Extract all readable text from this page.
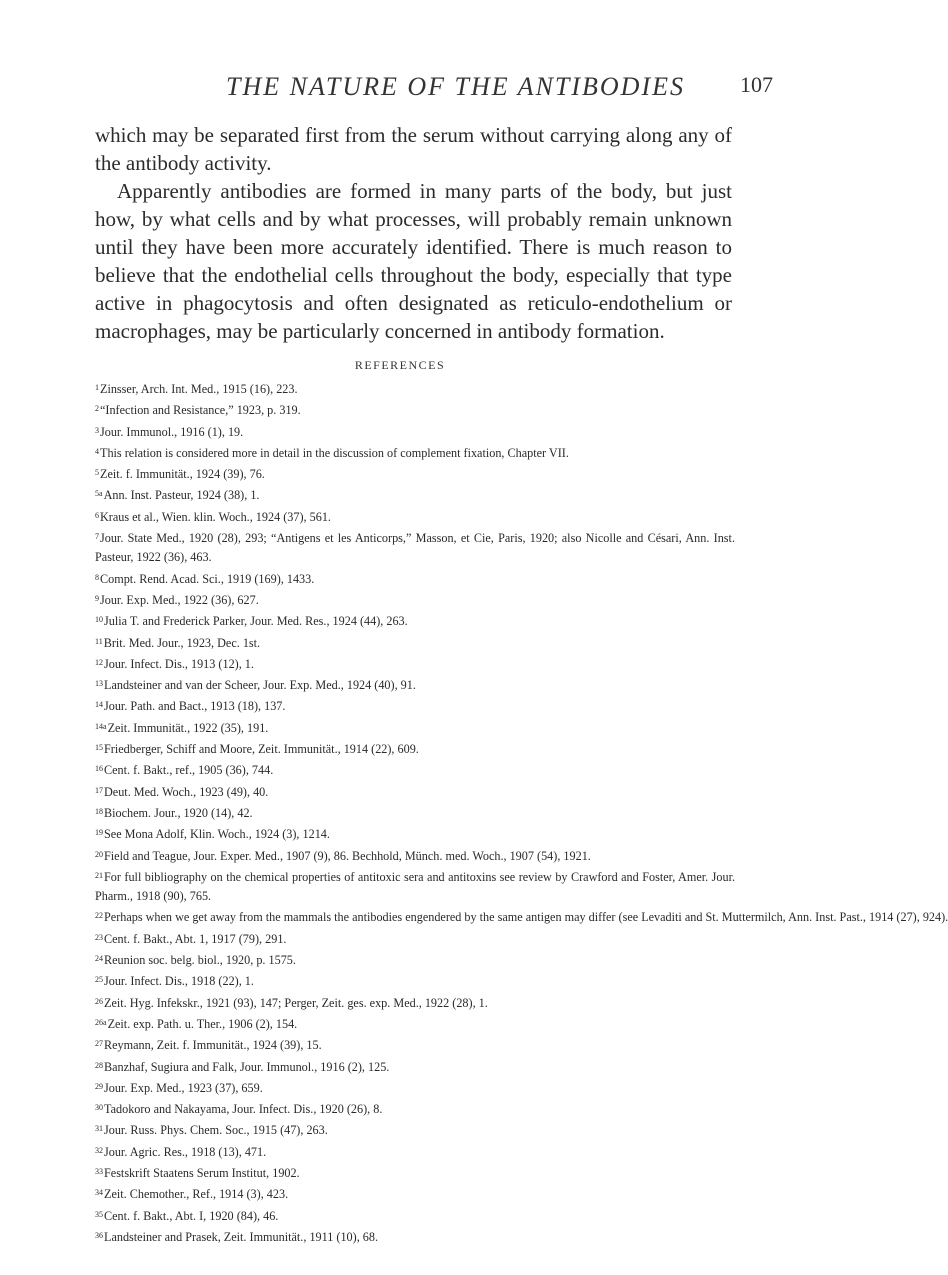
THE NATURE OF THE ANTIBODIES	107

which may be separated first from the serum without carrying along any of the antibody activity.

Apparently antibodies are formed in many parts of the body, but just how, by what cells and by what processes, will probably remain unknown until they have been more accurately identified. There is much reason to believe that the endothelial cells throughout the body, especially that type active in phagocytosis and often designated as reticulo-endothelium or macrophages, may be particularly concerned in antibody formation.

REFERENCES

$^1$Zinsser, Arch. Int. Med., 1915 (16), 223.

$^2$“Infection and Resistance,” 1923, p. 319.

$^3$Jour. Immunol., 1916 (1), 19.

$^4$This relation is considered more in detail in the discussion of complement fixation, Chapter VII.

$^5$Zeit. f. Immunität., 1924 (39), 76.

$^{5a}$Ann. Inst. Pasteur, 1924 (38), 1.

$^6$Kraus et al., Wien. klin. Woch., 1924 (37), 561.

$^7$Jour. State Med., 1920 (28), 293; “Antigens et les Anticorps,” Masson, et Cie, Paris, 1920; also Nicolle and Césari, Ann. Inst. Pasteur, 1922 (36), 463.

$^8$Compt. Rend. Acad. Sci., 1919 (169), 1433.

$^9$Jour. Exp. Med., 1922 (36), 627.

$^{10}$Julia T. and Frederick Parker, Jour. Med. Res., 1924 (44), 263.

$^{11}$Brit. Med. Jour., 1923, Dec. 1st.

$^{12}$Jour. Infect. Dis., 1913 (12), 1.

$^{13}$Landsteiner and van der Scheer, Jour. Exp. Med., 1924 (40), 91.

$^{14}$Jour. Path. and Bact., 1913 (18), 137.

$^{14a}$Zeit. Immunität., 1922 (35), 191.

$^{15}$Friedberger, Schiff and Moore, Zeit. Immunität., 1914 (22), 609.

$^{16}$Cent. f. Bakt., ref., 1905 (36), 744.

$^{17}$Deut. Med. Woch., 1923 (49), 40.

$^{18}$Biochem. Jour., 1920 (14), 42.

$^{19}$See Mona Adolf, Klin. Woch., 1924 (3), 1214.

$^{20}$Field and Teague, Jour. Exper. Med., 1907 (9), 86. Bechhold, Münch. med. Woch., 1907 (54), 1921.

$^{21}$For full bibliography on the chemical properties of antitoxic sera and antitoxins see review by Crawford and Foster, Amer. Jour. Pharm., 1918 (90), 765.

$^{22}$Perhaps when we get away from the mammals the antibodies engendered by the same antigen may differ (see Levaditi and St. Muttermilch, Ann. Inst. Past., 1914 (27), 924).

$^{23}$Cent. f. Bakt., Abt. 1, 1917 (79), 291.

$^{24}$Reunion soc. belg. biol., 1920, p. 1575.

$^{25}$Jour. Infect. Dis., 1918 (22), 1.

$^{26}$Zeit. Hyg. Infekskr., 1921 (93), 147; Perger, Zeit. ges. exp. Med., 1922 (28), 1.

$^{26a}$Zeit. exp. Path. u. Ther., 1906 (2), 154.

$^{27}$Reymann, Zeit. f. Immunität., 1924 (39), 15.

$^{28}$Banzhaf, Sugiura and Falk, Jour. Immunol., 1916 (2), 125.

$^{29}$Jour. Exp. Med., 1923 (37), 659.

$^{30}$Tadokoro and Nakayama, Jour. Infect. Dis., 1920 (26), 8.

$^{31}$Jour. Russ. Phys. Chem. Soc., 1915 (47), 263.

$^{32}$Jour. Agric. Res., 1918 (13), 471.

$^{33}$Festskrift Staatens Serum Institut, 1902.

$^{34}$Zeit. Chemother., Ref., 1914 (3), 423.

$^{35}$Cent. f. Bakt., Abt. I, 1920 (84), 46.

$^{36}$Landsteiner and Prasek, Zeit. Immunität., 1911 (10), 68.
